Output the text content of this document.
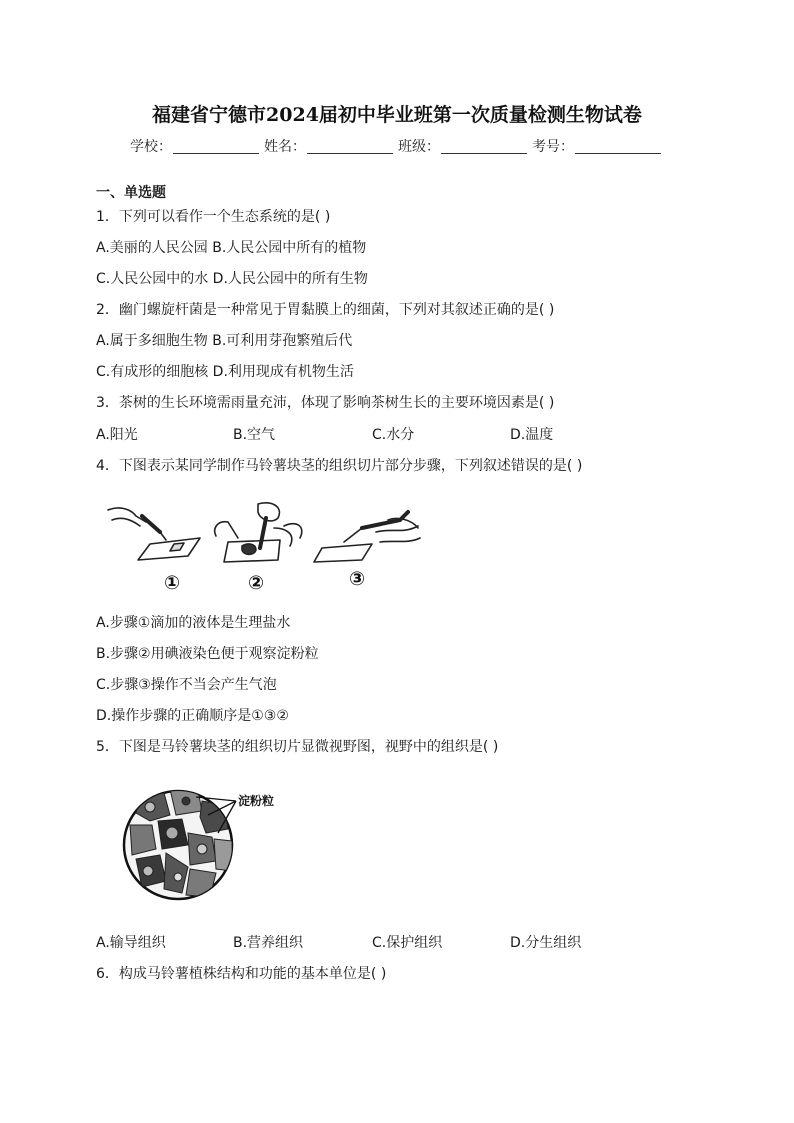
福建省宁德市2024届初中毕业班第一次质量检测生物试卷
学校：	姓名：	班级：	考号：
一、单选题
1．下列可以看作一个生态系统的是( )
A.美丽的人民公园 B.人民公园中所有的植物
C.人民公园中的水 D.人民公园中的所有生物
2．幽门螺旋杆菌是一种常见于胃黏膜上的细菌，下列对其叙述正确的是( )
A.属于多细胞生物 B.可利用芽孢繁殖后代
C.有成形的细胞核 D.利用现成有机物生活
3．茶树的生长环境需雨量充沛，体现了影响茶树生长的主要环境因素是( )
A.阳光	B.空气	C.水分	D.温度
4．下图表示某同学制作马铃薯块茎的组织切片部分步骤，下列叙述错误的是( )
①	②	③
A.步骤①滴加的液体是生理盐水
B.步骤②用碘液染色便于观察淀粉粒
C.步骤③操作不当会产生气泡
D.操作步骤的正确顺序是①③②
5．下图是马铃薯块茎的组织切片显微视野图，视野中的组织是( )
淀粉粒
A.输导组织	B.营养组织	C.保护组织	D.分生组织
6．构成马铃薯植株结构和功能的基本单位是( )
